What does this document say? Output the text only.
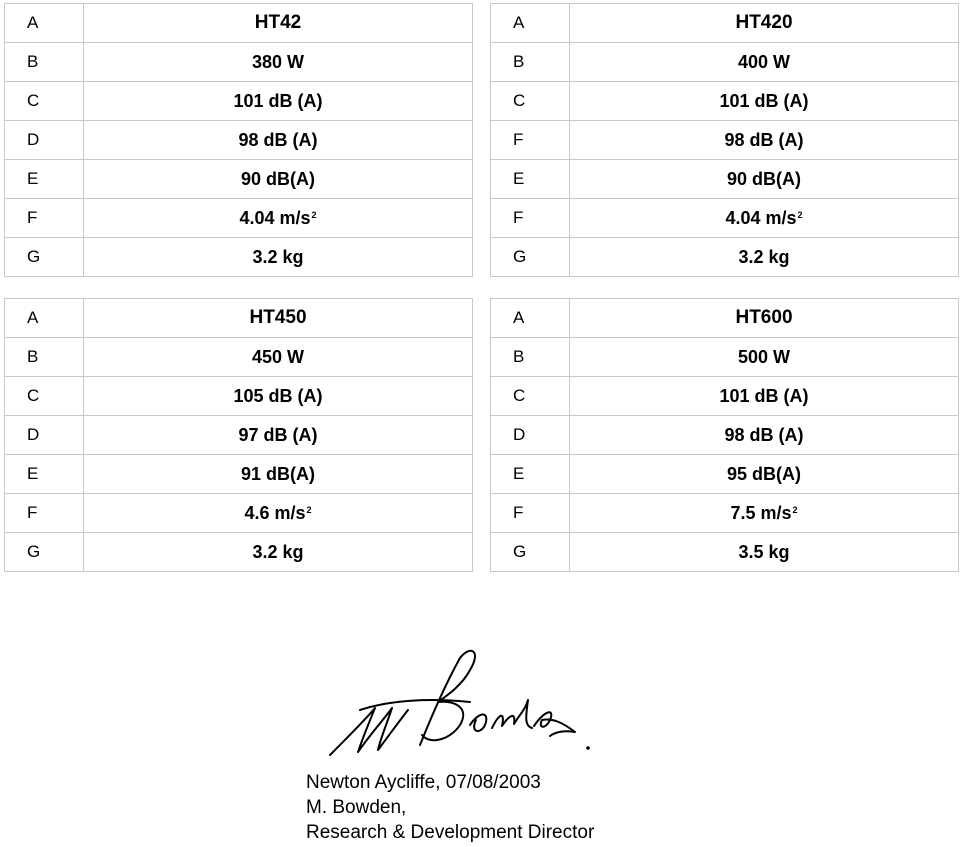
A	HT42
B	380 W
C	101 dB (A)
D	98 dB (A)
E	90 dB(A)
F	4.04 $m/s^2$
G	3.2 kg
A	HT420
B	400 W
C	101 dB (A)
F	98 dB (A)
E	90 dB(A)
F	4.04 $m/s^2$
G	3.2 kg
A	HT450
B	450 W
C	105 dB (A)
D	97 dB (A)
E	91 dB(A)
F	4.6 $m/s^2$
G	3.2 kg
A	HT600
B	500 W
C	101 dB (A)
D	98 dB (A)
E	95 dB(A)
F	7.5 $m/s^2$
G	3.5 kg
Newton Aycliffe, 07/08/2003
M. Bowden,
Research & Development Director
